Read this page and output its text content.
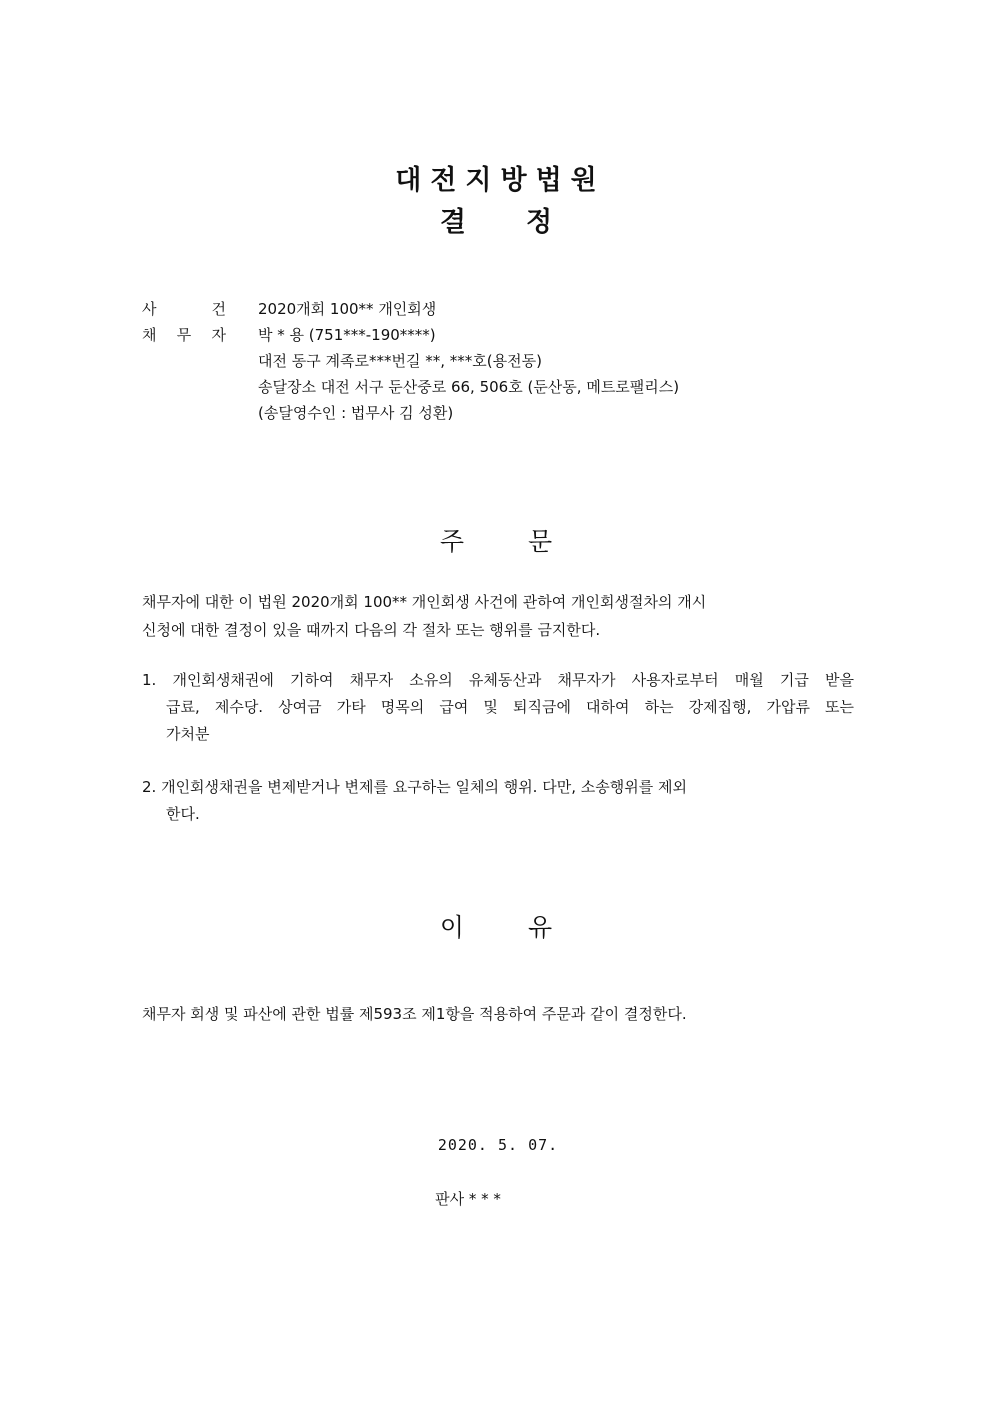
대전지방법원
결정
사	건 2020개회 100** 개인회생
채 무 자 박 * 용 (751***-190****)
대전 동구 계족로***번길 **, ***호(용전동)
송달장소 대전 서구 둔산중로 66, 506호 (둔산동, 메트로팰리스)
(송달영수인 : 법무사 김 성환)
주문
채무자에 대한 이 법원 2020개회 100** 개인회생 사건에 관하여 개인회생절차의 개시
신청에 대한 결정이 있을 때까지 다음의 각 절차 또는 행위를 금지한다.
1. 개인회생채권에 기하여 채무자 소유의 유체동산과 채무자가 사용자로부터 매월 기급 받을
급료, 제수당. 상여금 가타 명목의 급여 및 퇴직금에 대하여 하는 강제집행, 가압류 또는
가처분
2. 개인회생채권을 변제받거나 변제를 요구하는 일체의 행위. 다만, 소송행위를 제외
한다.
이유
채무자 회생 및 파산에 관한 법률 제593조 제1항을 적용하여 주문과 같이 결정한다.
2020. 5. 07.
판사 * * *
